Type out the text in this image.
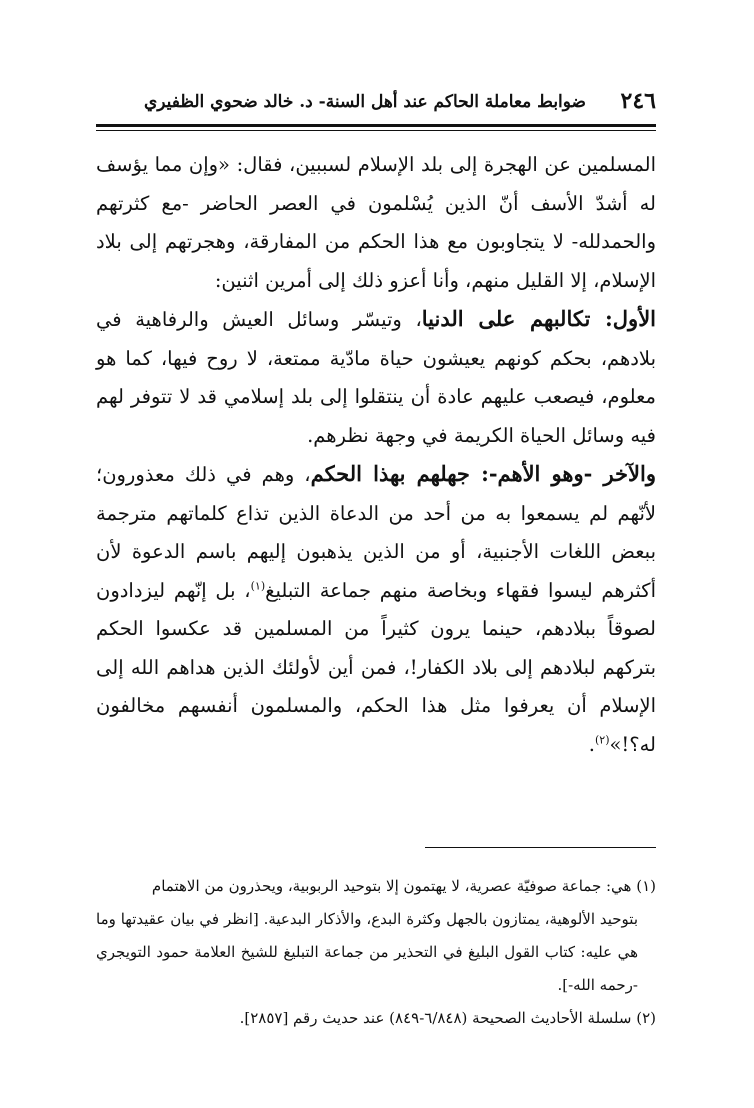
٢٤٦
ضوابط معاملة الحاكم عند أهل السنة- د. خالد ضحوي الظفيري

المسلمين عن الهجرة إلى بلد الإسلام لسببين، فقال: «وإن مما يؤسف له أشدّ الأسف أنّ الذين يُسْلمون في العصر الحاضر -مع كثرتهم والحمدلله- لا يتجاوبون مع هذا الحكم من المفارقة، وهجرتهم إلى بلاد الإسلام، إلا القليل منهم، وأنا أعزو ذلك إلى أمرين اثنين:

الأول: تكالبهم على الدنيا، وتيسّر وسائل العيش والرفاهية في بلادهم، بحكم كونهم يعيشون حياة مادّية ممتعة، لا روح فيها، كما هو معلوم، فيصعب عليهم عادة أن ينتقلوا إلى بلد إسلامي قد لا تتوفر لهم فيه وسائل الحياة الكريمة في وجهة نظرهم.

والآخر -وهو الأهم-: جهلهم بهذا الحكم، وهم في ذلك معذورون؛ لأنّهم لم يسمعوا به من أحد من الدعاة الذين تذاع كلماتهم مترجمة ببعض اللغات الأجنبية، أو من الذين يذهبون إليهم باسم الدعوة لأن أكثرهم ليسوا فقهاء وبخاصة منهم جماعة التبليغ$^{(١)}$، بل إنّهم ليزدادون لصوقاً ببلادهم، حينما يرون كثيراً من المسلمين قد عكسوا الحكم بتركهم لبلادهم إلى بلاد الكفار!، فمن أين لأولئك الذين هداهم الله إلى الإسلام أن يعرفوا مثل هذا الحكم، والمسلمون أنفسهم مخالفون له؟!»$^{(٢)}$.

(١) هي: جماعة صوفيّة عصرية، لا يهتمون إلا بتوحيد الربوبية، ويحذرون من الاهتمام

بتوحيد الألوهية، يمتازون بالجهل وكثرة البدع، والأذكار البدعية. [انظر في بيان عقيدتها وما هي عليه: كتاب القول البليغ في التحذير من جماعة التبليغ للشيخ العلامة حمود التويجري -رحمه الله-].

(٢) سلسلة الأحاديث الصحيحة (٦/٨٤٨-٨٤٩) عند حديث رقم [٢٨٥٧].
